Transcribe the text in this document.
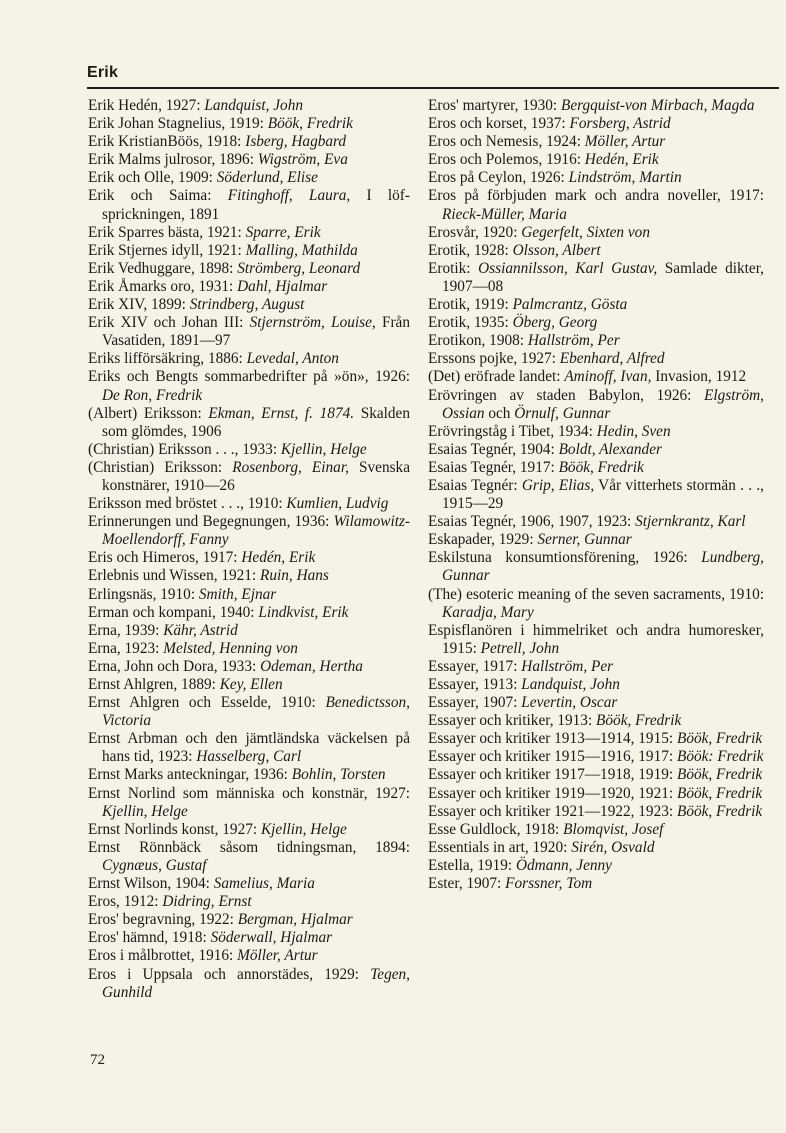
Erik
Erik Hedén, 1927: Landquist, John
Erik Johan Stagnelius, 1919: Böök, Fredrik
Erik KristianBöös, 1918: Isberg, Hagbard
Erik Malms julrosor, 1896: Wigström, Eva
Erik och Olle, 1909: Söderlund, Elise
Erik och Saima: Fitinghoff, Laura, I löf-sprickningen, 1891
Erik Sparres bästa, 1921: Sparre, Erik
Erik Stjernes idyll, 1921: Malling, Mathilda
Erik Vedhuggare, 1898: Strömberg, Leonard
Erik Åmarks oro, 1931: Dahl, Hjalmar
Erik XIV, 1899: Strindberg, August
Erik XIV och Johan III: Stjernström, Louise, Från Vasatiden, 1891—97
Eriks lifförsäkring, 1886: Levedal, Anton
Eriks och Bengts sommarbedrifter på »ön», 1926: De Ron, Fredrik
(Albert) Eriksson: Ekman, Ernst, f. 1874. Skalden som glömdes, 1906
(Christian) Eriksson . . ., 1933: Kjellin, Helge
(Christian) Eriksson: Rosenborg, Einar, Svenska konstnärer, 1910—26
Eriksson med bröstet . . ., 1910: Kumlien, Ludvig
Erinnerungen und Begegnungen, 1936: Wilamowitz-Moellendorff, Fanny
Eris och Himeros, 1917: Hedén, Erik
Erlebnis und Wissen, 1921: Ruin, Hans
Erlingsnäs, 1910: Smith, Ejnar
Erman och kompani, 1940: Lindkvist, Erik
Erna, 1939: Kähr, Astrid
Erna, 1923: Melsted, Henning von
Erna, John och Dora, 1933: Odeman, Hertha
Ernst Ahlgren, 1889: Key, Ellen
Ernst Ahlgren och Esselde, 1910: Benedictsson, Victoria
Ernst Arbman och den jämtländska väckelsen på hans tid, 1923: Hasselberg, Carl
Ernst Marks anteckningar, 1936: Bohlin, Torsten
Ernst Norlind som människa och konstnär, 1927: Kjellin, Helge
Ernst Norlinds konst, 1927: Kjellin, Helge
Ernst Rönnbäck såsom tidningsman, 1894: Cygnæus, Gustaf
Ernst Wilson, 1904: Samelius, Maria
Eros, 1912: Didring, Ernst
Eros' begravning, 1922: Bergman, Hjalmar
Eros' hämnd, 1918: Söderwall, Hjalmar
Eros i målbrottet, 1916: Möller, Artur
Eros i Uppsala och annorstädes, 1929: Tegen, Gunhild
Eros' martyrer, 1930: Bergquist-von Mirbach, Magda
Eros och korset, 1937: Forsberg, Astrid
Eros och Nemesis, 1924: Möller, Artur
Eros och Polemos, 1916: Hedén, Erik
Eros på Ceylon, 1926: Lindström, Martin
Eros på förbjuden mark och andra noveller, 1917: Rieck-Müller, Maria
Erosvår, 1920: Gegerfelt, Sixten von
Erotik, 1928: Olsson, Albert
Erotik: Ossiannilsson, Karl Gustav, Samlade dikter, 1907—08
Erotik, 1919: Palmcrantz, Gösta
Erotik, 1935: Öberg, Georg
Erotikon, 1908: Hallström, Per
Erssons pojke, 1927: Ebenhard, Alfred
(Det) eröfrade landet: Aminoff, Ivan, Invasion, 1912
Erövringen av staden Babylon, 1926: Elgström, Ossian och Örnulf, Gunnar
Erövringståg i Tibet, 1934: Hedin, Sven
Esaias Tegnér, 1904: Boldt, Alexander
Esaias Tegnér, 1917: Böök, Fredrik
Esaias Tegnér: Grip, Elias, Vår vitterhets stormän . . ., 1915—29
Esaias Tegnér, 1906, 1907, 1923: Stjernkrantz, Karl
Eskapader, 1929: Serner, Gunnar
Eskilstuna konsumtionsförening, 1926: Lundberg, Gunnar
(The) esoteric meaning of the seven sacraments, 1910: Karadja, Mary
Espisflanören i himmelriket och andra humoresker, 1915: Petrell, John
Essayer, 1917: Hallström, Per
Essayer, 1913: Landquist, John
Essayer, 1907: Levertin, Oscar
Essayer och kritiker, 1913: Böök, Fredrik
Essayer och kritiker 1913—1914, 1915: Böök, Fredrik
Essayer och kritiker 1915—1916, 1917: Böök: Fredrik
Essayer och kritiker 1917—1918, 1919: Böök, Fredrik
Essayer och kritiker 1919—1920, 1921: Böök, Fredrik
Essayer och kritiker 1921—1922, 1923: Böök, Fredrik
Esse Guldlock, 1918: Blomqvist, Josef
Essentials in art, 1920: Sirén, Osvald
Estella, 1919: Ödmann, Jenny
Ester, 1907: Forssner, Tom
72
